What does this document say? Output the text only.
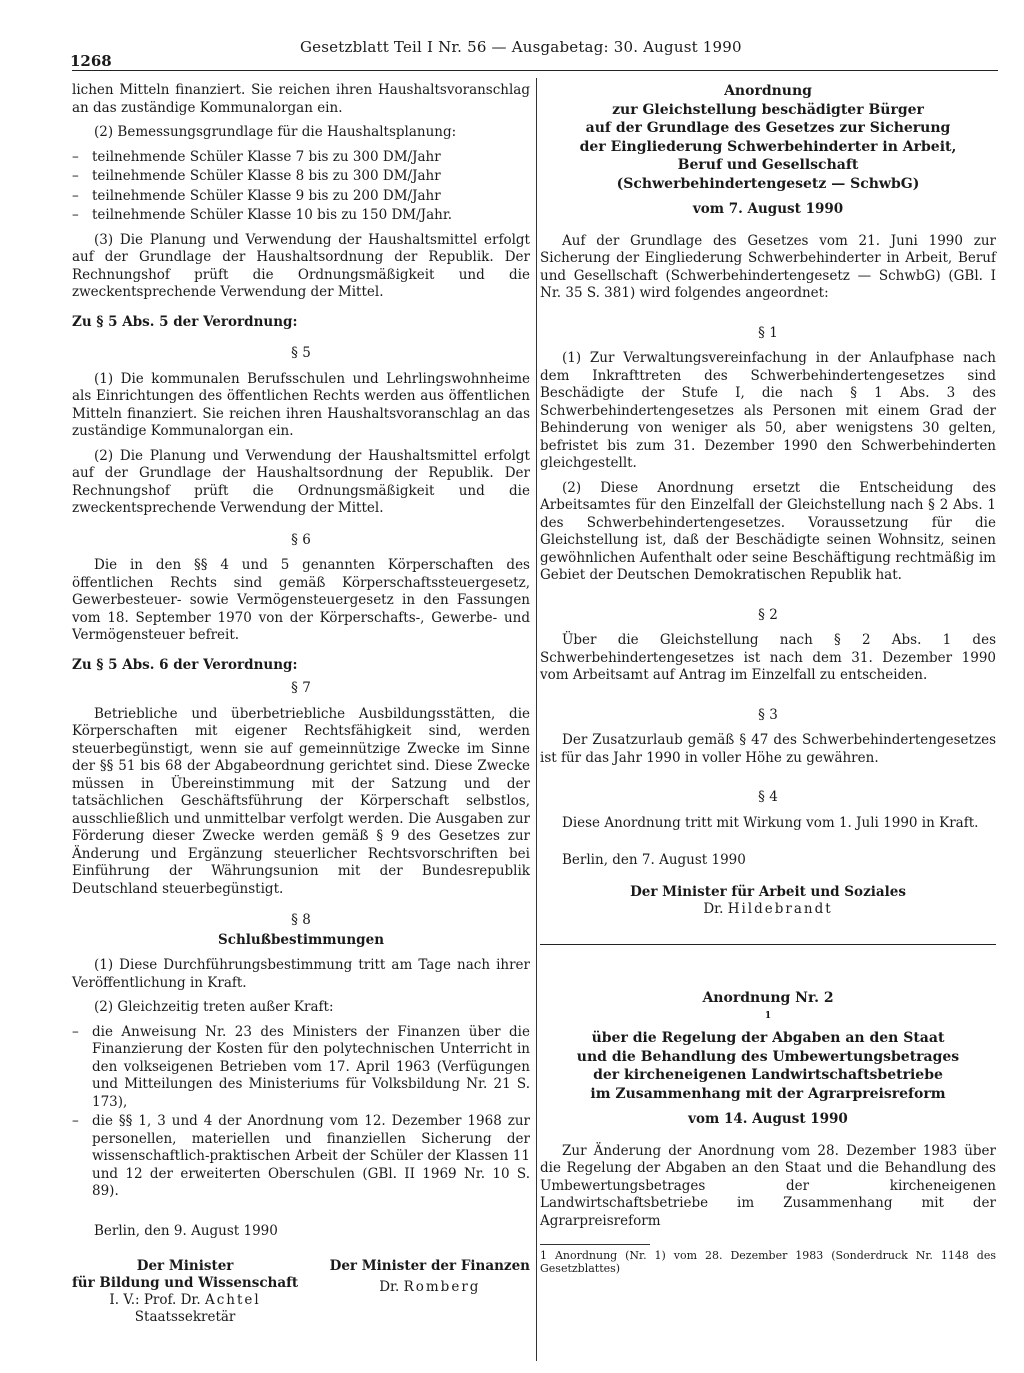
1268
Gesetzblatt Teil I Nr. 56 — Ausgabetag: 30. August 1990

lichen Mitteln finanziert. Sie reichen ihren Haushaltsvoranschlag an das zuständige Kommunalorgan ein.

(2) Bemessungsgrundlage für die Haushaltsplanung:

– teilnehmende Schüler Klasse 7 bis zu 300 DM/Jahr
– teilnehmende Schüler Klasse 8 bis zu 300 DM/Jahr
– teilnehmende Schüler Klasse 9 bis zu 200 DM/Jahr
– teilnehmende Schüler Klasse 10 bis zu 150 DM/Jahr.

(3) Die Planung und Verwendung der Haushaltsmittel erfolgt auf der Grundlage der Haushaltsordnung der Republik. Der Rechnungshof prüft die Ordnungsmäßigkeit und die zweckentsprechende Verwendung der Mittel.

Zu § 5 Abs. 5 der Verordnung:
§ 5

(1) Die kommunalen Berufsschulen und Lehrlingswohnheime als Einrichtungen des öffentlichen Rechts werden aus öffentlichen Mitteln finanziert. Sie reichen ihren Haushaltsvoranschlag an das zuständige Kommunalorgan ein.

(2) Die Planung und Verwendung der Haushaltsmittel erfolgt auf der Grundlage der Haushaltsordnung der Republik. Der Rechnungshof prüft die Ordnungsmäßigkeit und die zweckentsprechende Verwendung der Mittel.

§ 6

Die in den §§ 4 und 5 genannten Körperschaften des öffentlichen Rechts sind gemäß Körperschaftssteuergesetz, Gewerbesteuer- sowie Vermögensteuergesetz in den Fassungen vom 18. September 1970 von der Körperschafts-, Gewerbe- und Vermögensteuer befreit.

Zu § 5 Abs. 6 der Verordnung:
§ 7

Betriebliche und überbetriebliche Ausbildungsstätten, die Körperschaften mit eigener Rechtsfähigkeit sind, werden steuerbegünstigt, wenn sie auf gemeinnützige Zwecke im Sinne der §§ 51 bis 68 der Abgabeordnung gerichtet sind. Diese Zwecke müssen in Übereinstimmung mit der Satzung und der tatsächlichen Geschäftsführung der Körperschaft selbstlos, ausschließlich und unmittelbar verfolgt werden. Die Ausgaben zur Förderung dieser Zwecke werden gemäß § 9 des Gesetzes zur Änderung und Ergänzung steuerlicher Rechtsvorschriften bei Einführung der Währungsunion mit der Bundesrepublik Deutschland steuerbegünstigt.

§ 8
Schlußbestimmungen

(1) Diese Durchführungsbestimmung tritt am Tage nach ihrer Veröffentlichung in Kraft.

(2) Gleichzeitig treten außer Kraft:

– die Anweisung Nr. 23 des Ministers der Finanzen über die Finanzierung der Kosten für den polytechnischen Unterricht in den volkseigenen Betrieben vom 17. April 1963 (Verfügungen und Mitteilungen des Ministeriums für Volksbildung Nr. 21 S. 173),
– die §§ 1, 3 und 4 der Anordnung vom 12. Dezember 1968 zur personellen, materiellen und finanziellen Sicherung der wissenschaftlich-praktischen Arbeit der Schüler der Klassen 11 und 12 der erweiterten Oberschulen (GBl. II 1969 Nr. 10 S. 89).

Berlin, den 9. August 1990

Der Minister
für Bildung und Wissenschaft
I. V.: Prof. Dr. Achtel
Staatssekretär
Der Minister der Finanzen
Dr. Romberg
Anordnung
zur Gleichstellung beschädigter Bürger
auf der Grundlage des Gesetzes zur Sicherung
der Eingliederung Schwerbehinderter in Arbeit,
Beruf und Gesellschaft
(Schwerbehindertengesetz — SchwbG)
vom 7. August 1990

Auf der Grundlage des Gesetzes vom 21. Juni 1990 zur Sicherung der Eingliederung Schwerbehinderter in Arbeit, Beruf und Gesellschaft (Schwerbehindertengesetz — SchwbG) (GBl. I Nr. 35 S. 381) wird folgendes angeordnet:

§ 1

(1) Zur Verwaltungsvereinfachung in der Anlaufphase nach dem Inkrafttreten des Schwerbehindertengesetzes sind Beschädigte der Stufe I, die nach § 1 Abs. 3 des Schwerbehindertengesetzes als Personen mit einem Grad der Behinderung von weniger als 50, aber wenigstens 30 gelten, befristet bis zum 31. Dezember 1990 den Schwerbehinderten gleichgestellt.

(2) Diese Anordnung ersetzt die Entscheidung des Arbeitsamtes für den Einzelfall der Gleichstellung nach § 2 Abs. 1 des Schwerbehindertengesetzes. Voraussetzung für die Gleichstellung ist, daß der Beschädigte seinen Wohnsitz, seinen gewöhnlichen Aufenthalt oder seine Beschäftigung rechtmäßig im Gebiet der Deutschen Demokratischen Republik hat.

§ 2

Über die Gleichstellung nach § 2 Abs. 1 des Schwerbehindertengesetzes ist nach dem 31. Dezember 1990 vom Arbeitsamt auf Antrag im Einzelfall zu entscheiden.

§ 3

Der Zusatzurlaub gemäß § 47 des Schwerbehindertengesetzes ist für das Jahr 1990 in voller Höhe zu gewähren.

§ 4

Diese Anordnung tritt mit Wirkung vom 1. Juli 1990 in Kraft.

Berlin, den 7. August 1990

Der Minister für Arbeit und Soziales
Dr. Hildebrandt
Anordnung Nr. 2
$^1$
über die Regelung der Abgaben an den Staat
und die Behandlung des Umbewertungsbetrages
der kircheneigenen Landwirtschaftsbetriebe
im Zusammenhang mit der Agrarpreisreform
vom 14. August 1990

Zur Änderung der Anordnung vom 28. Dezember 1983 über die Regelung der Abgaben an den Staat und die Behandlung des Umbewertungsbetrages der kircheneigenen Landwirtschaftsbetriebe im Zusammenhang mit der Agrarpreisreform

1 Anordnung (Nr. 1) vom 28. Dezember 1983 (Sonderdruck Nr. 1148 des Gesetzblattes)
